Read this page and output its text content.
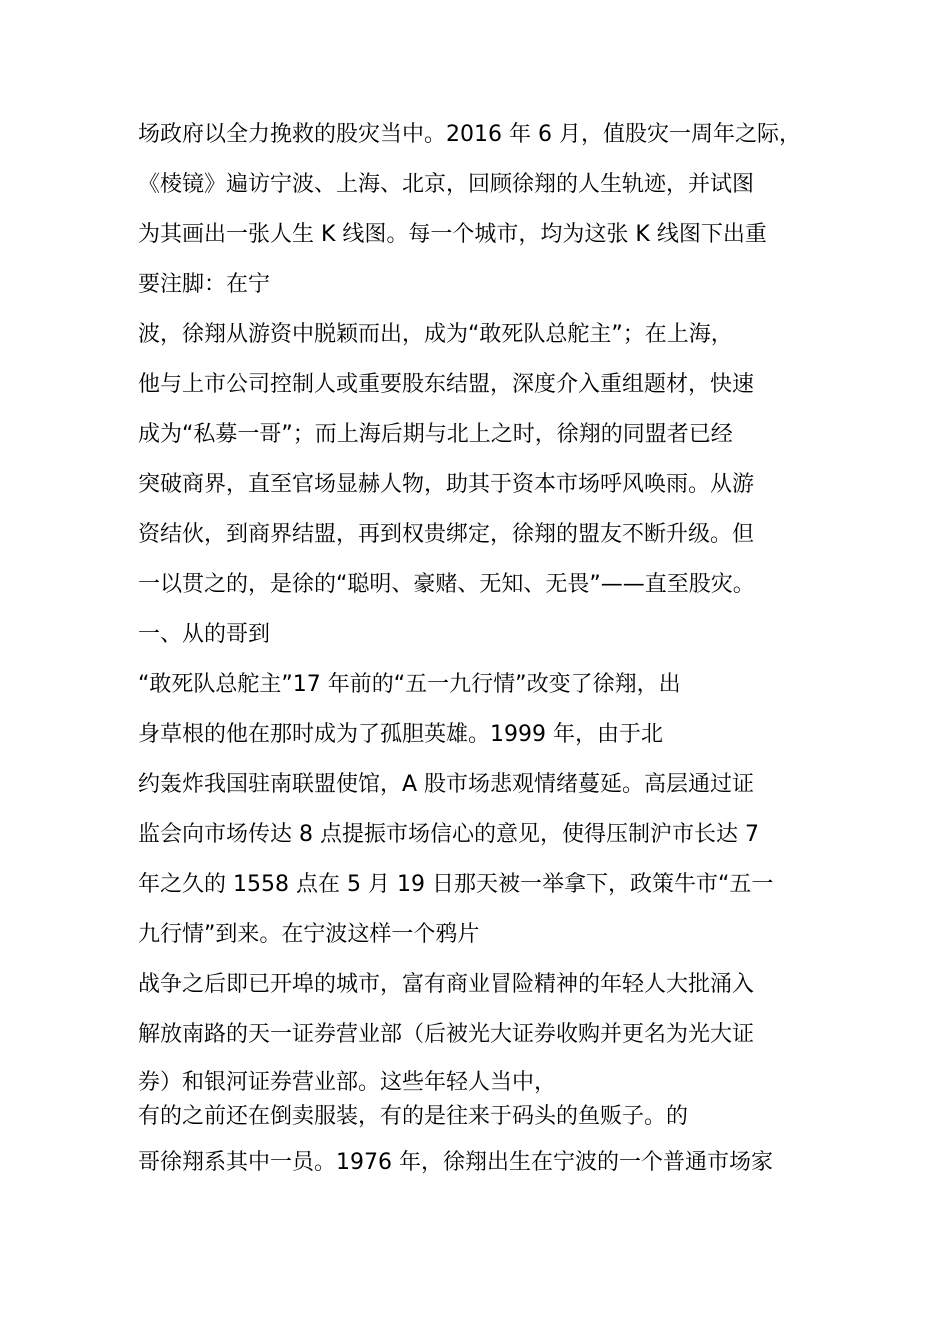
场政府以全力挽救的股灾当中。2016 年 6 月，值股灾一周年之际，

《棱镜》遍访宁波、上海、北京，回顾徐翔的人生轨迹，并试图

为其画出一张人生 K 线图。每一个城市，均为这张 K 线图下出重

要注脚：在宁

波，徐翔从游资中脱颖而出，成为“敢死队总舵主”；在上海，

他与上市公司控制人或重要股东结盟，深度介入重组题材，快速

成为“私募一哥”；而上海后期与北上之时，徐翔的同盟者已经

突破商界，直至官场显赫人物，助其于资本市场呼风唤雨。从游

资结伙，到商界结盟，再到权贵绑定，徐翔的盟友不断升级。但

一以贯之的，是徐的“聪明、豪赌、无知、无畏”——直至股灾。

一、从的哥到

“敢死队总舵主”17 年前的“五一九行情”改变了徐翔，出

身草根的他在那时成为了孤胆英雄。1999 年，由于北

约轰炸我国驻南联盟使馆，A 股市场悲观情绪蔓延。高层通过证

监会向市场传达 8 点提振市场信心的意见，使得压制沪市长达 7

年之久的 1558 点在 5 月 19 日那天被一举拿下，政策牛市“五一

九行情”到来。在宁波这样一个鸦片

战争之后即已开埠的城市，富有商业冒险精神的年轻人大批涌入

解放南路的天一证券营业部（后被光大证券收购并更名为光大证

券）和银河证券营业部。这些年轻人当中，

有的之前还在倒卖服装，有的是往来于码头的鱼贩子。的

哥徐翔系其中一员。1976 年，徐翔出生在宁波的一个普通市场家
